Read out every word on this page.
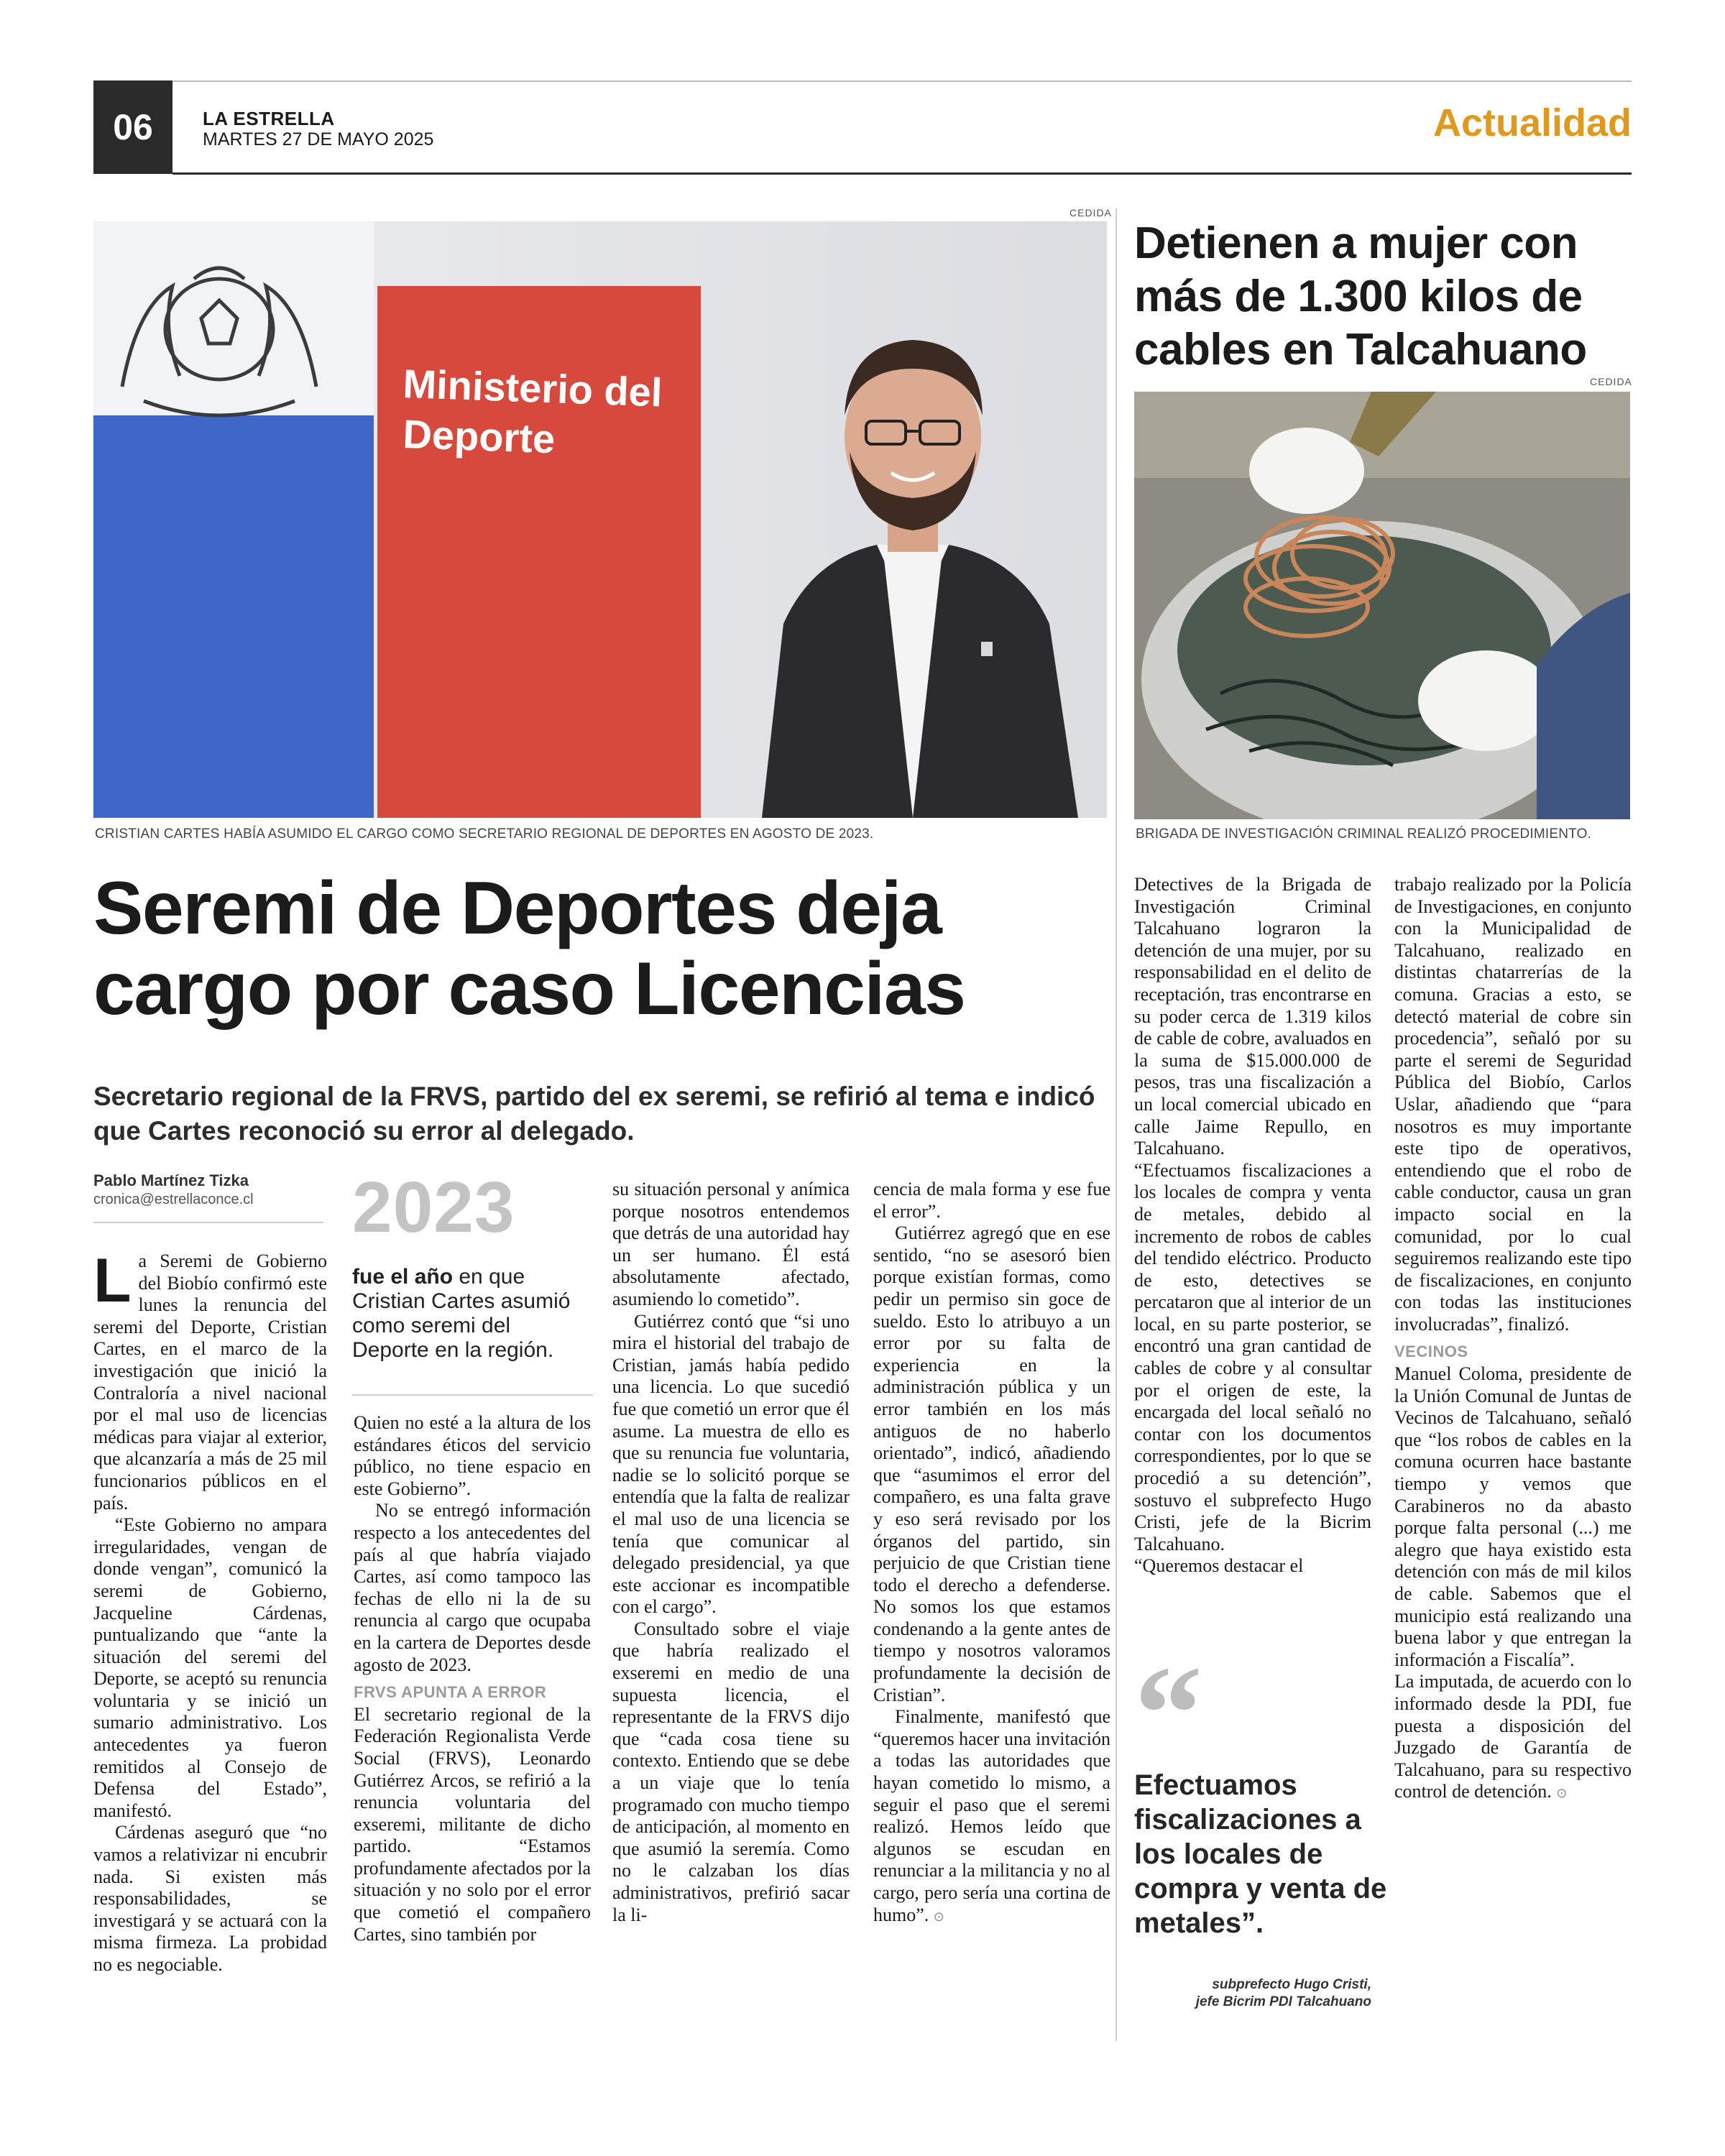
06	LA ESTRELLA
MARTES 27 DE MAYO 2025	Actualidad
CEDIDA
Ministerio del
Deporte
CRISTIAN CARTES HABÍA ASUMIDO EL CARGO COMO SECRETARIO REGIONAL DE DEPORTES EN AGOSTO DE 2023.
Seremi de Deportes deja cargo por caso Licencias
Secretario regional de la FRVS, partido del ex seremi, se refirió al tema e indicó que Cartes reconoció su error al delegado.
Pablo Martínez Tizka
cronica@estrellaconce.cl

La Seremi de Gobierno del Biobío confirmó este lunes la renuncia del seremi del Deporte, Cristian Cartes, en el marco de la investigación que inició la Contraloría a nivel nacional por el mal uso de licencias médicas para viajar al exterior, que alcanzaría a más de 25 mil funcionarios públicos en el país.

“Este Gobierno no ampara irregularidades, vengan de donde vengan”, comunicó la seremi de Gobierno, Jacqueline Cárdenas, puntualizando que “ante la situación del seremi del Deporte, se aceptó su renuncia voluntaria y se inició un sumario administrativo. Los antecedentes ya fueron remitidos al Consejo de Defensa del Estado”, manifestó.

Cárdenas aseguró que “no vamos a relativizar ni encubrir nada. Si existen más responsabilidades, se investigará y se actuará con la misma firmeza. La probidad no es negociable.

2023
fue el año en que Cristian Cartes asumió como seremi del Deporte en la región.

Quien no esté a la altura de los estándares éticos del servicio público, no tiene espacio en este Gobierno”.

No se entregó información respecto a los antecedentes del país al que habría viajado Cartes, así como tampoco las fechas de ello ni la de su renuncia al cargo que ocupaba en la cartera de Deportes desde agosto de 2023.

FRVS APUNTA A ERROR

El secretario regional de la Federación Regionalista Verde Social (FRVS), Leonardo Gutiérrez Arcos, se refirió a la renuncia voluntaria del exseremi, militante de dicho partido. “Estamos profundamente afectados por la situación y no solo por el error que cometió el compañero Cartes, sino también por

su situación personal y anímica porque nosotros entendemos que detrás de una autoridad hay un ser humano. Él está absolutamente afectado, asumiendo lo cometido”.

Gutiérrez contó que “si uno mira el historial del trabajo de Cristian, jamás había pedido una licencia. Lo que sucedió fue que cometió un error que él asume. La muestra de ello es que su renuncia fue voluntaria, nadie se lo solicitó porque se entendía que la falta de realizar el mal uso de una licencia se tenía que comunicar al delegado presidencial, ya que este accionar es incompatible con el cargo”.

Consultado sobre el viaje que habría realizado el exseremi en medio de una supuesta licencia, el representante de la FRVS dijo que “cada cosa tiene su contexto. Entiendo que se debe a un viaje que lo tenía programado con mucho tiempo de anticipación, al momento en que asumió la seremía. Como no le calzaban los días administrativos, prefirió sacar la li-

cencia de mala forma y ese fue el error”.

Gutiérrez agregó que en ese sentido, “no se asesoró bien porque existían formas, como pedir un permiso sin goce de sueldo. Esto lo atribuyo a un error por su falta de experiencia en la administración pública y un error también en los más antiguos de no haberlo orientado”, indicó, añadiendo que “asumimos el error del compañero, es una falta grave y eso será revisado por los órganos del partido, sin perjuicio de que Cristian tiene todo el derecho a defenderse. No somos los que estamos condenando a la gente antes de tiempo y nosotros valoramos profundamente la decisión de Cristian”.

Finalmente, manifestó que “queremos hacer una invitación a todas las autoridades que hayan cometido lo mismo, a seguir el paso que el seremi realizó. Hemos leído que algunos se escudan en renunciar a la militancia y no al cargo, pero sería una cortina de humo”. ⊙

Detienen a mujer con más de 1.300 kilos de cables en Talcahuano
CEDIDA
BRIGADA DE INVESTIGACIÓN CRIMINAL REALIZÓ PROCEDIMIENTO.

Detectives de la Brigada de Investigación Criminal Talcahuano lograron la detención de una mujer, por su responsabilidad en el delito de receptación, tras encontrarse en su poder cerca de 1.319 kilos de cable de cobre, avaluados en la suma de $15.000.000 de pesos, tras una fiscalización a un local comercial ubicado en calle Jaime Repullo, en Talcahuano.

“Efectuamos fiscalizaciones a los locales de compra y venta de metales, debido al incremento de robos de cables del tendido eléctrico. Producto de esto, detectives se percataron que al interior de un local, en su parte posterior, se encontró una gran cantidad de cables de cobre y al consultar por el origen de este, la encargada del local señaló no contar con los documentos correspondientes, por lo que se procedió a su detención”, sostuvo el subprefecto Hugo Cristi, jefe de la Bicrim Talcahuano.

“Queremos destacar el

“
Efectuamos fiscalizaciones a los locales de compra y venta de metales”.
subprefecto Hugo Cristi,
jefe Bicrim PDI Talcahuano

trabajo realizado por la Policía de Investigaciones, en conjunto con la Municipalidad de Talcahuano, realizado en distintas chatarrerías de la comuna. Gracias a esto, se detectó material de cobre sin procedencia”, señaló por su parte el seremi de Seguridad Pública del Biobío, Carlos Uslar, añadiendo que “para nosotros es muy importante este tipo de operativos, entendiendo que el robo de cable conductor, causa un gran impacto social en la comunidad, por lo cual seguiremos realizando este tipo de fiscalizaciones, en conjunto con todas las instituciones involucradas”, finalizó.

VECINOS

Manuel Coloma, presidente de la Unión Comunal de Juntas de Vecinos de Talcahuano, señaló que “los robos de cables en la comuna ocurren hace bastante tiempo y vemos que Carabineros no da abasto porque falta personal (...) me alegro que haya existido esta detención con más de mil kilos de cable. Sabemos que el municipio está realizando una buena labor y que entregan la información a Fiscalía”.

La imputada, de acuerdo con lo informado desde la PDI, fue puesta a disposición del Juzgado de Garantía de Talcahuano, para su respectivo control de detención. ⊙
